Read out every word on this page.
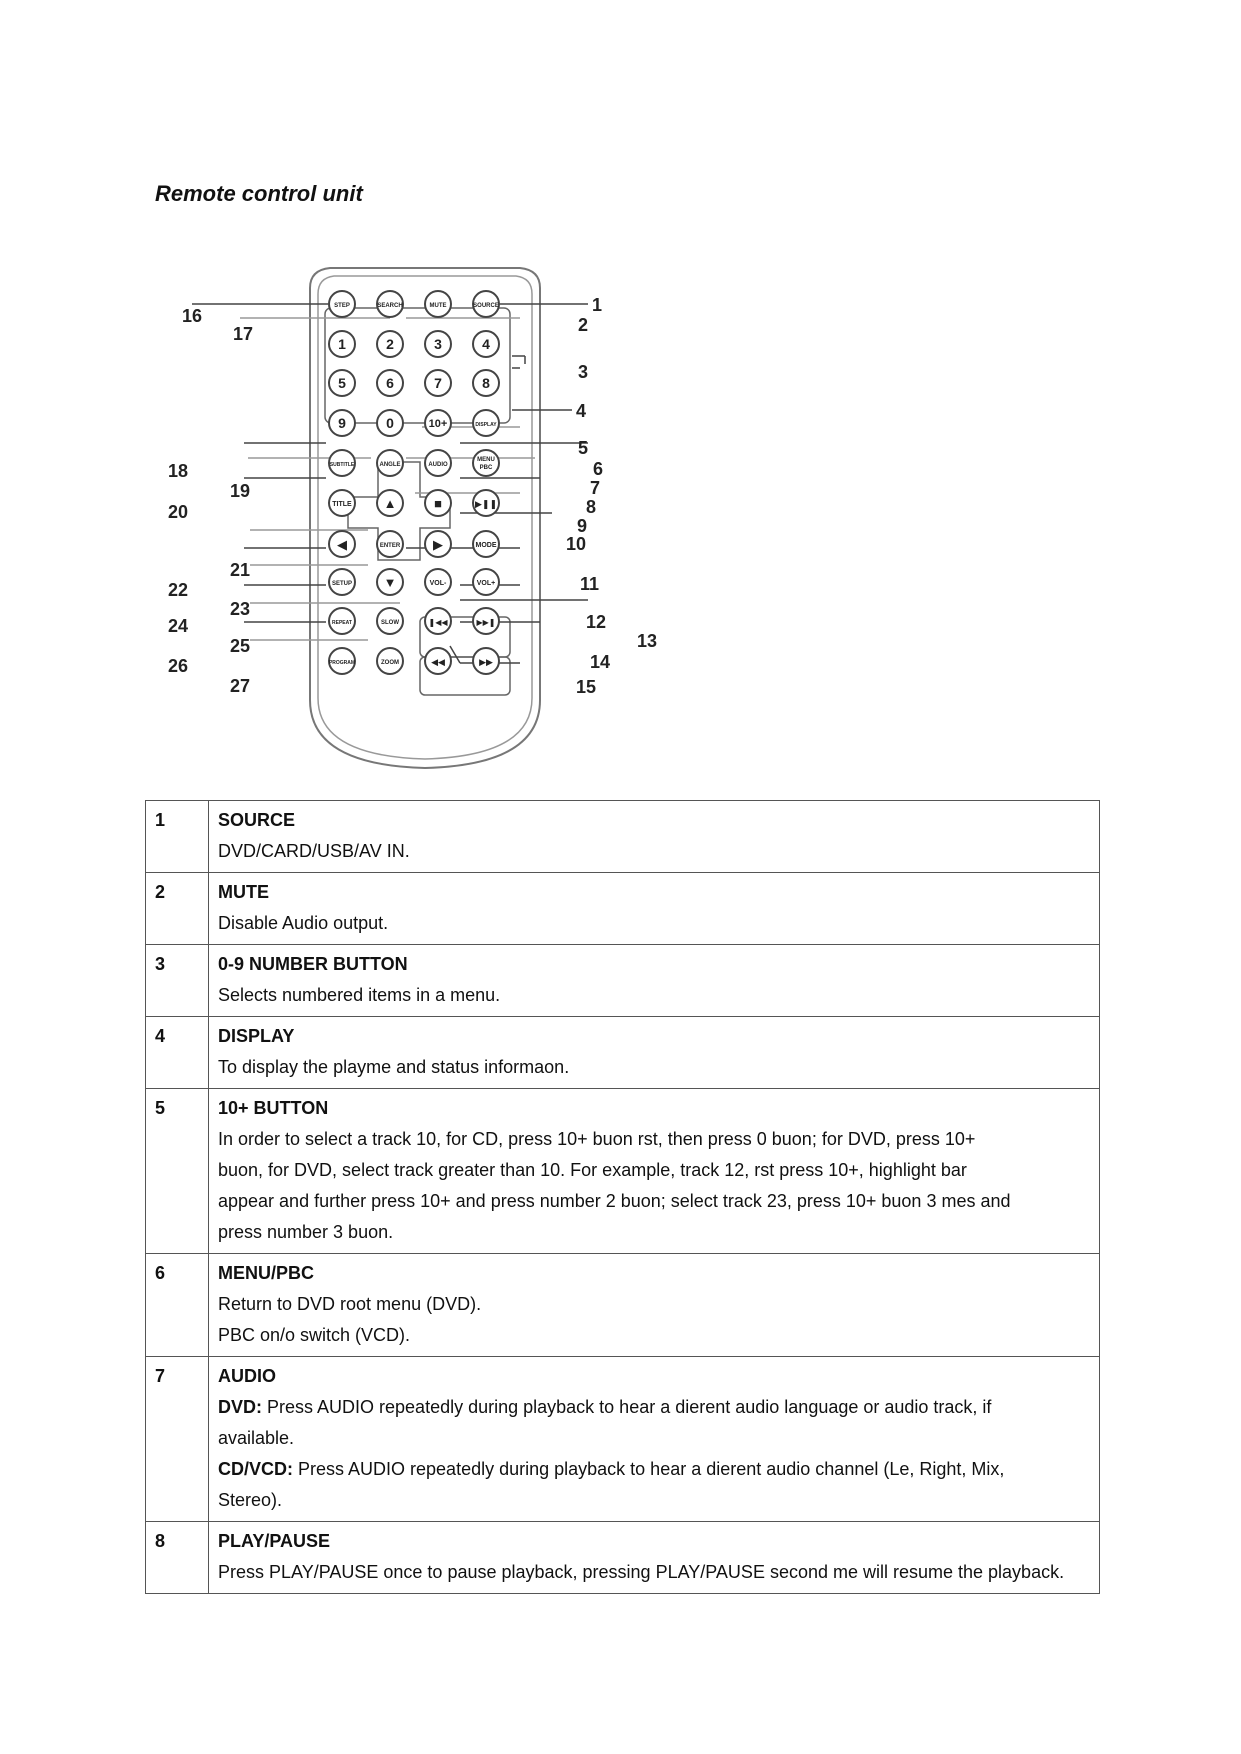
Remote control unit
STEP	SEARCH	MUTE	SOURCE
1	2	3	4
5	6	7	8
9	0	10+	DISPLAY
SUBTITLE	ANGLE	AUDIO
MENU
PBC
TITLE ▲	■	▶❚❚
◀	ENTER	▶	MODE
SETUP ▼	VOL-	VOL+
REPEAT	SLOW	❚◀◀	▶▶❚
PROGRAM	ZOOM	◀◀	▶▶
1
2
3
4
5
6
7
8
9
10
11
12
13
14
15
16
17
18
19
20
21
22
23
24
25
26
27
1	SOURCE
DVD/CARD/USB/AV IN.

2	MUTE
Disable Audio output.

3	0-9 NUMBER BUTTON
Selects numbered items in a menu.

4	DISPLAY
To display the playme and status informaon.

5	10+ BUTTON
In order to select a track 10, for CD, press 10+ buon rst, then press 0 buon; for DVD, press 10+
buon, for DVD, select track greater than 10. For example, track 12, rst press 10+, highlight bar
appear and further press 10+ and press number 2 buon; select track 23, press 10+ buon 3 mes and
press number 3 buon.

6	MENU/PBC
Return to DVD root menu (DVD).
PBC on/o switch (VCD).

7	AUDIO
DVD: Press AUDIO repeatedly during playback to hear a dierent audio language or audio track, if
available.
CD/VCD: Press AUDIO repeatedly during playback to hear a dierent audio channel (Le, Right, Mix,
Stereo).

8	PLAY/PAUSE
Press PLAY/PAUSE once to pause playback, pressing PLAY/PAUSE second me will resume the playback.
